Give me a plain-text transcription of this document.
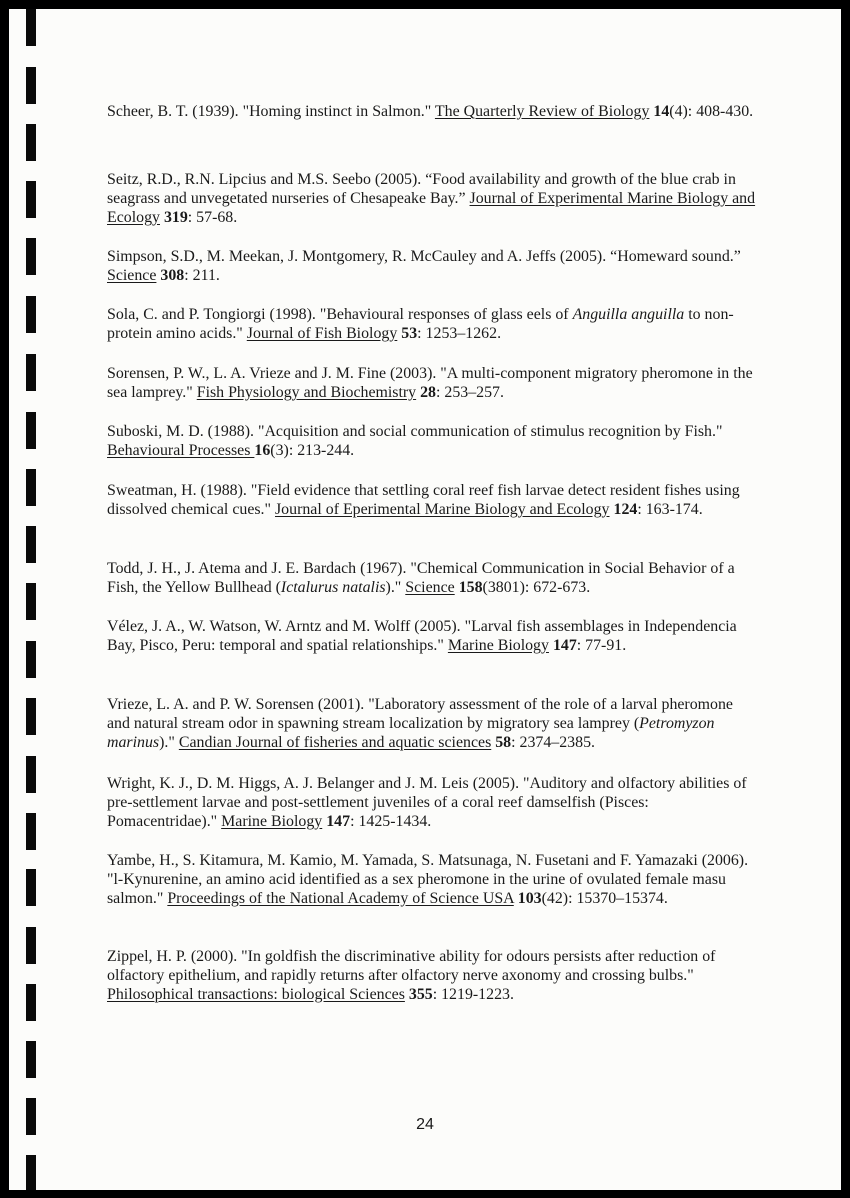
Scheer, B. T. (1939). "Homing instinct in Salmon." The Quarterly Review of Biology 14(4): 408-430.
Seitz, R.D., R.N. Lipcius and M.S. Seebo (2005). “Food availability and growth of the blue crab in seagrass and unvegetated nurseries of Chesapeake Bay.” Journal of Experimental Marine Biology and Ecology 319: 57-68.
Simpson, S.D., M. Meekan, J. Montgomery, R. McCauley and A. Jeffs (2005). “Homeward sound.” Science 308: 211.
Sola, C. and P. Tongiorgi (1998). "Behavioural responses of glass eels of Anguilla anguilla to non-protein amino acids." Journal of Fish Biology 53: 1253–1262.
Sorensen, P. W., L. A. Vrieze and J. M. Fine (2003). "A multi-component migratory pheromone in the sea lamprey." Fish Physiology and Biochemistry 28: 253–257.
Suboski, M. D. (1988). "Acquisition and social communication of stimulus recognition by Fish." Behavioural Processes 16(3): 213-244.
Sweatman, H. (1988). "Field evidence that settling coral reef fish larvae detect resident fishes using dissolved chemical cues." Journal of Eperimental Marine Biology and Ecology 124: 163-174.
Todd, J. H., J. Atema and J. E. Bardach (1967). "Chemical Communication in Social Behavior of a Fish, the Yellow Bullhead (Ictalurus natalis)." Science 158(3801): 672-673.
Vélez, J. A., W. Watson, W. Arntz and M. Wolff (2005). "Larval fish assemblages in Independencia Bay, Pisco, Peru: temporal and spatial relationships." Marine Biology 147: 77-91.
Vrieze, L. A. and P. W. Sorensen (2001). "Laboratory assessment of the role of a larval pheromone and natural stream odor in spawning stream localization by migratory sea lamprey (Petromyzon marinus)." Candian Journal of fisheries and aquatic sciences 58: 2374–2385.
Wright, K. J., D. M. Higgs, A. J. Belanger and J. M. Leis (2005). "Auditory and olfactory abilities of pre-settlement larvae and post-settlement juveniles of a coral reef damselfish (Pisces: Pomacentridae)." Marine Biology 147: 1425-1434.
Yambe, H., S. Kitamura, M. Kamio, M. Yamada, S. Matsunaga, N. Fusetani and F. Yamazaki (2006). "l-Kynurenine, an amino acid identified as a sex pheromone in the urine of ovulated female masu salmon." Proceedings of the National Academy of Science USA 103(42): 15370–15374.
Zippel, H. P. (2000). "In goldfish the discriminative ability for odours persists after reduction of olfactory epithelium, and rapidly returns after olfactory nerve axonomy and crossing bulbs." Philosophical transactions: biological Sciences 355: 1219-1223.
24
